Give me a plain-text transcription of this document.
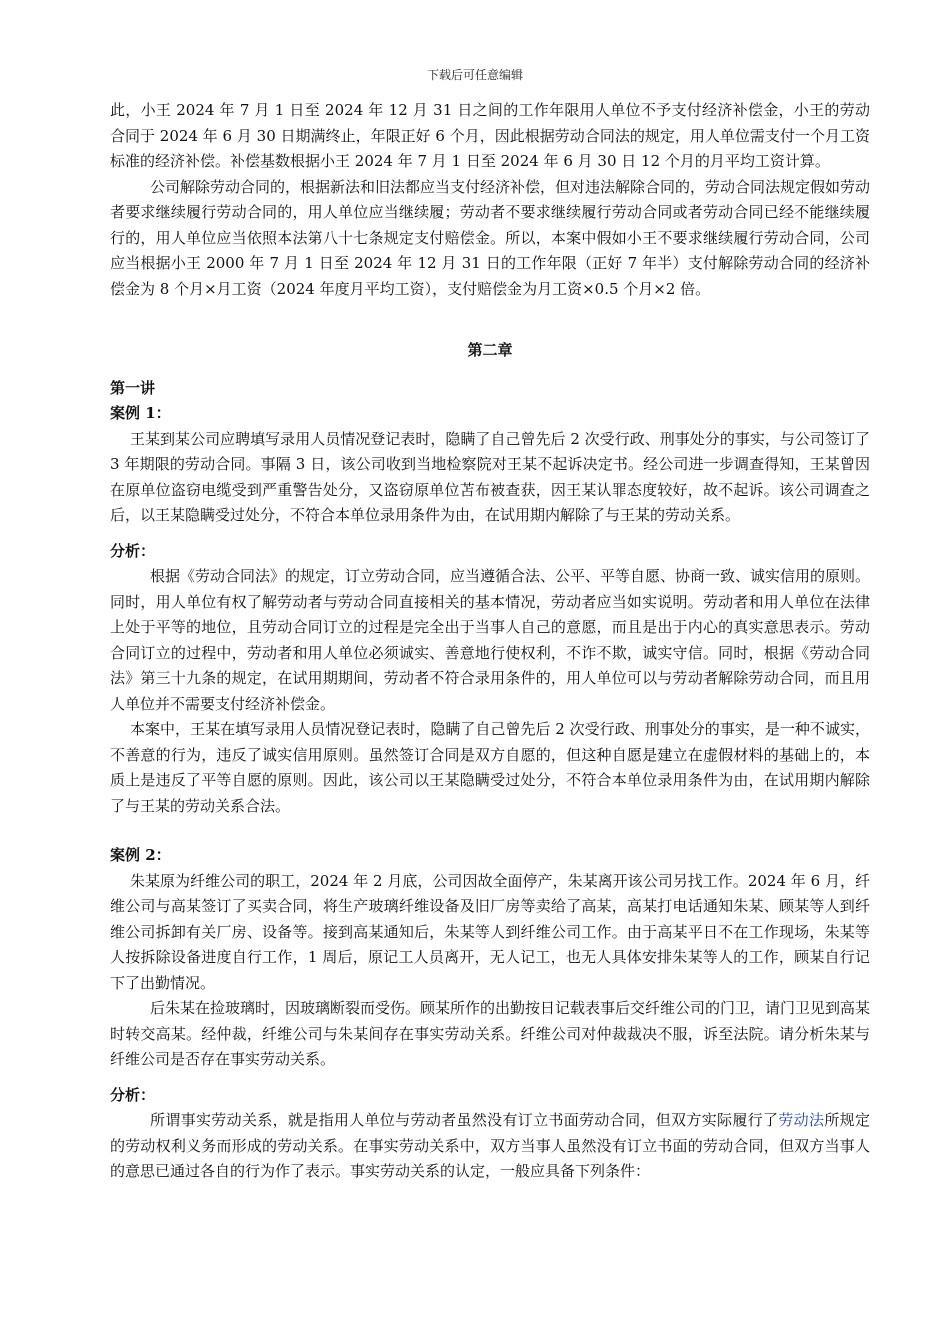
下载后可任意编辑

此，小王 2024 年 7 月 1 日至 2024 年 12 月 31 日之间的工作年限用人单位不予支付经济补偿金，小王的劳动合同于 2024 年 6 月 30 日期满终止，年限正好 6 个月，因此根据劳动合同法的规定，用人单位需支付一个月工资标准的经济补偿。补偿基数根据小王 2024 年 7 月 1 日至 2024 年 6 月 30 日 12 个月的月平均工资计算。

公司解除劳动合同的，根据新法和旧法都应当支付经济补偿，但对违法解除合同的，劳动合同法规定假如劳动者要求继续履行劳动合同的，用人单位应当继续履；劳动者不要求继续履行劳动合同或者劳动合同已经不能继续履行的，用人单位应当依照本法第八十七条规定支付赔偿金。所以，本案中假如小王不要求继续履行劳动合同，公司应当根据小王 2000 年 7 月 1 日至 2024 年 12 月 31 日的工作年限（正好 7 年半）支付解除劳动合同的经济补偿金为 8 个月×月工资（2024 年度月平均工资），支付赔偿金为月工资×0.5 个月×2 倍。

第二章

第一讲

案例 1：

王某到某公司应聘填写录用人员情况登记表时，隐瞒了自己曾先后 2 次受行政、刑事处分的事实，与公司签订了 3 年期限的劳动合同。事隔 3 日，该公司收到当地检察院对王某不起诉决定书。经公司进一步调查得知，王某曾因在原单位盗窃电缆受到严重警告处分，又盗窃原单位苫布被查获，因王某认罪态度较好，故不起诉。该公司调查之后，以王某隐瞒受过处分，不符合本单位录用条件为由，在试用期内解除了与王某的劳动关系。

分析：

根据《劳动合同法》的规定，订立劳动合同，应当遵循合法、公平、平等自愿、协商一致、诚实信用的原则。同时，用人单位有权了解劳动者与劳动合同直接相关的基本情况，劳动者应当如实说明。劳动者和用人单位在法律上处于平等的地位，且劳动合同订立的过程是完全出于当事人自己的意愿，而且是出于内心的真实意思表示。劳动合同订立的过程中，劳动者和用人单位必须诚实、善意地行使权利，不诈不欺，诚实守信。同时，根据《劳动合同法》第三十九条的规定，在试用期期间，劳动者不符合录用条件的，用人单位可以与劳动者解除劳动合同，而且用人单位并不需要支付经济补偿金。

本案中，王某在填写录用人员情况登记表时，隐瞒了自己曾先后 2 次受行政、刑事处分的事实，是一种不诚实，不善意的行为，违反了诚实信用原则。虽然签订合同是双方自愿的，但这种自愿是建立在虚假材料的基础上的，本质上是违反了平等自愿的原则。因此，该公司以王某隐瞒受过处分，不符合本单位录用条件为由，在试用期内解除了与王某的劳动关系合法。

案例 2：

朱某原为纤维公司的职工，2024 年 2 月底，公司因故全面停产，朱某离开该公司另找工作。2024 年 6 月，纤维公司与高某签订了买卖合同，将生产玻璃纤维设备及旧厂房等卖给了高某，高某打电话通知朱某、顾某等人到纤维公司拆卸有关厂房、设备等。接到高某通知后，朱某等人到纤维公司工作。由于高某平日不在工作现场，朱某等人按拆除设备进度自行工作，1 周后，原记工人员离开，无人记工，也无人具体安排朱某等人的工作，顾某自行记下了出勤情况。

后朱某在捡玻璃时，因玻璃断裂而受伤。顾某所作的出勤按日记载表事后交纤维公司的门卫，请门卫见到高某时转交高某。经仲裁，纤维公司与朱某间存在事实劳动关系。纤维公司对仲裁裁决不服，诉至法院。请分析朱某与纤维公司是否存在事实劳动关系。

分析：

所谓事实劳动关系，就是指用人单位与劳动者虽然没有订立书面劳动合同，但双方实际履行了劳动法所规定的劳动权利义务而形成的劳动关系。在事实劳动关系中，双方当事人虽然没有订立书面的劳动合同，但双方当事人的意思已通过各自的行为作了表示。事实劳动关系的认定，一般应具备下列条件：
